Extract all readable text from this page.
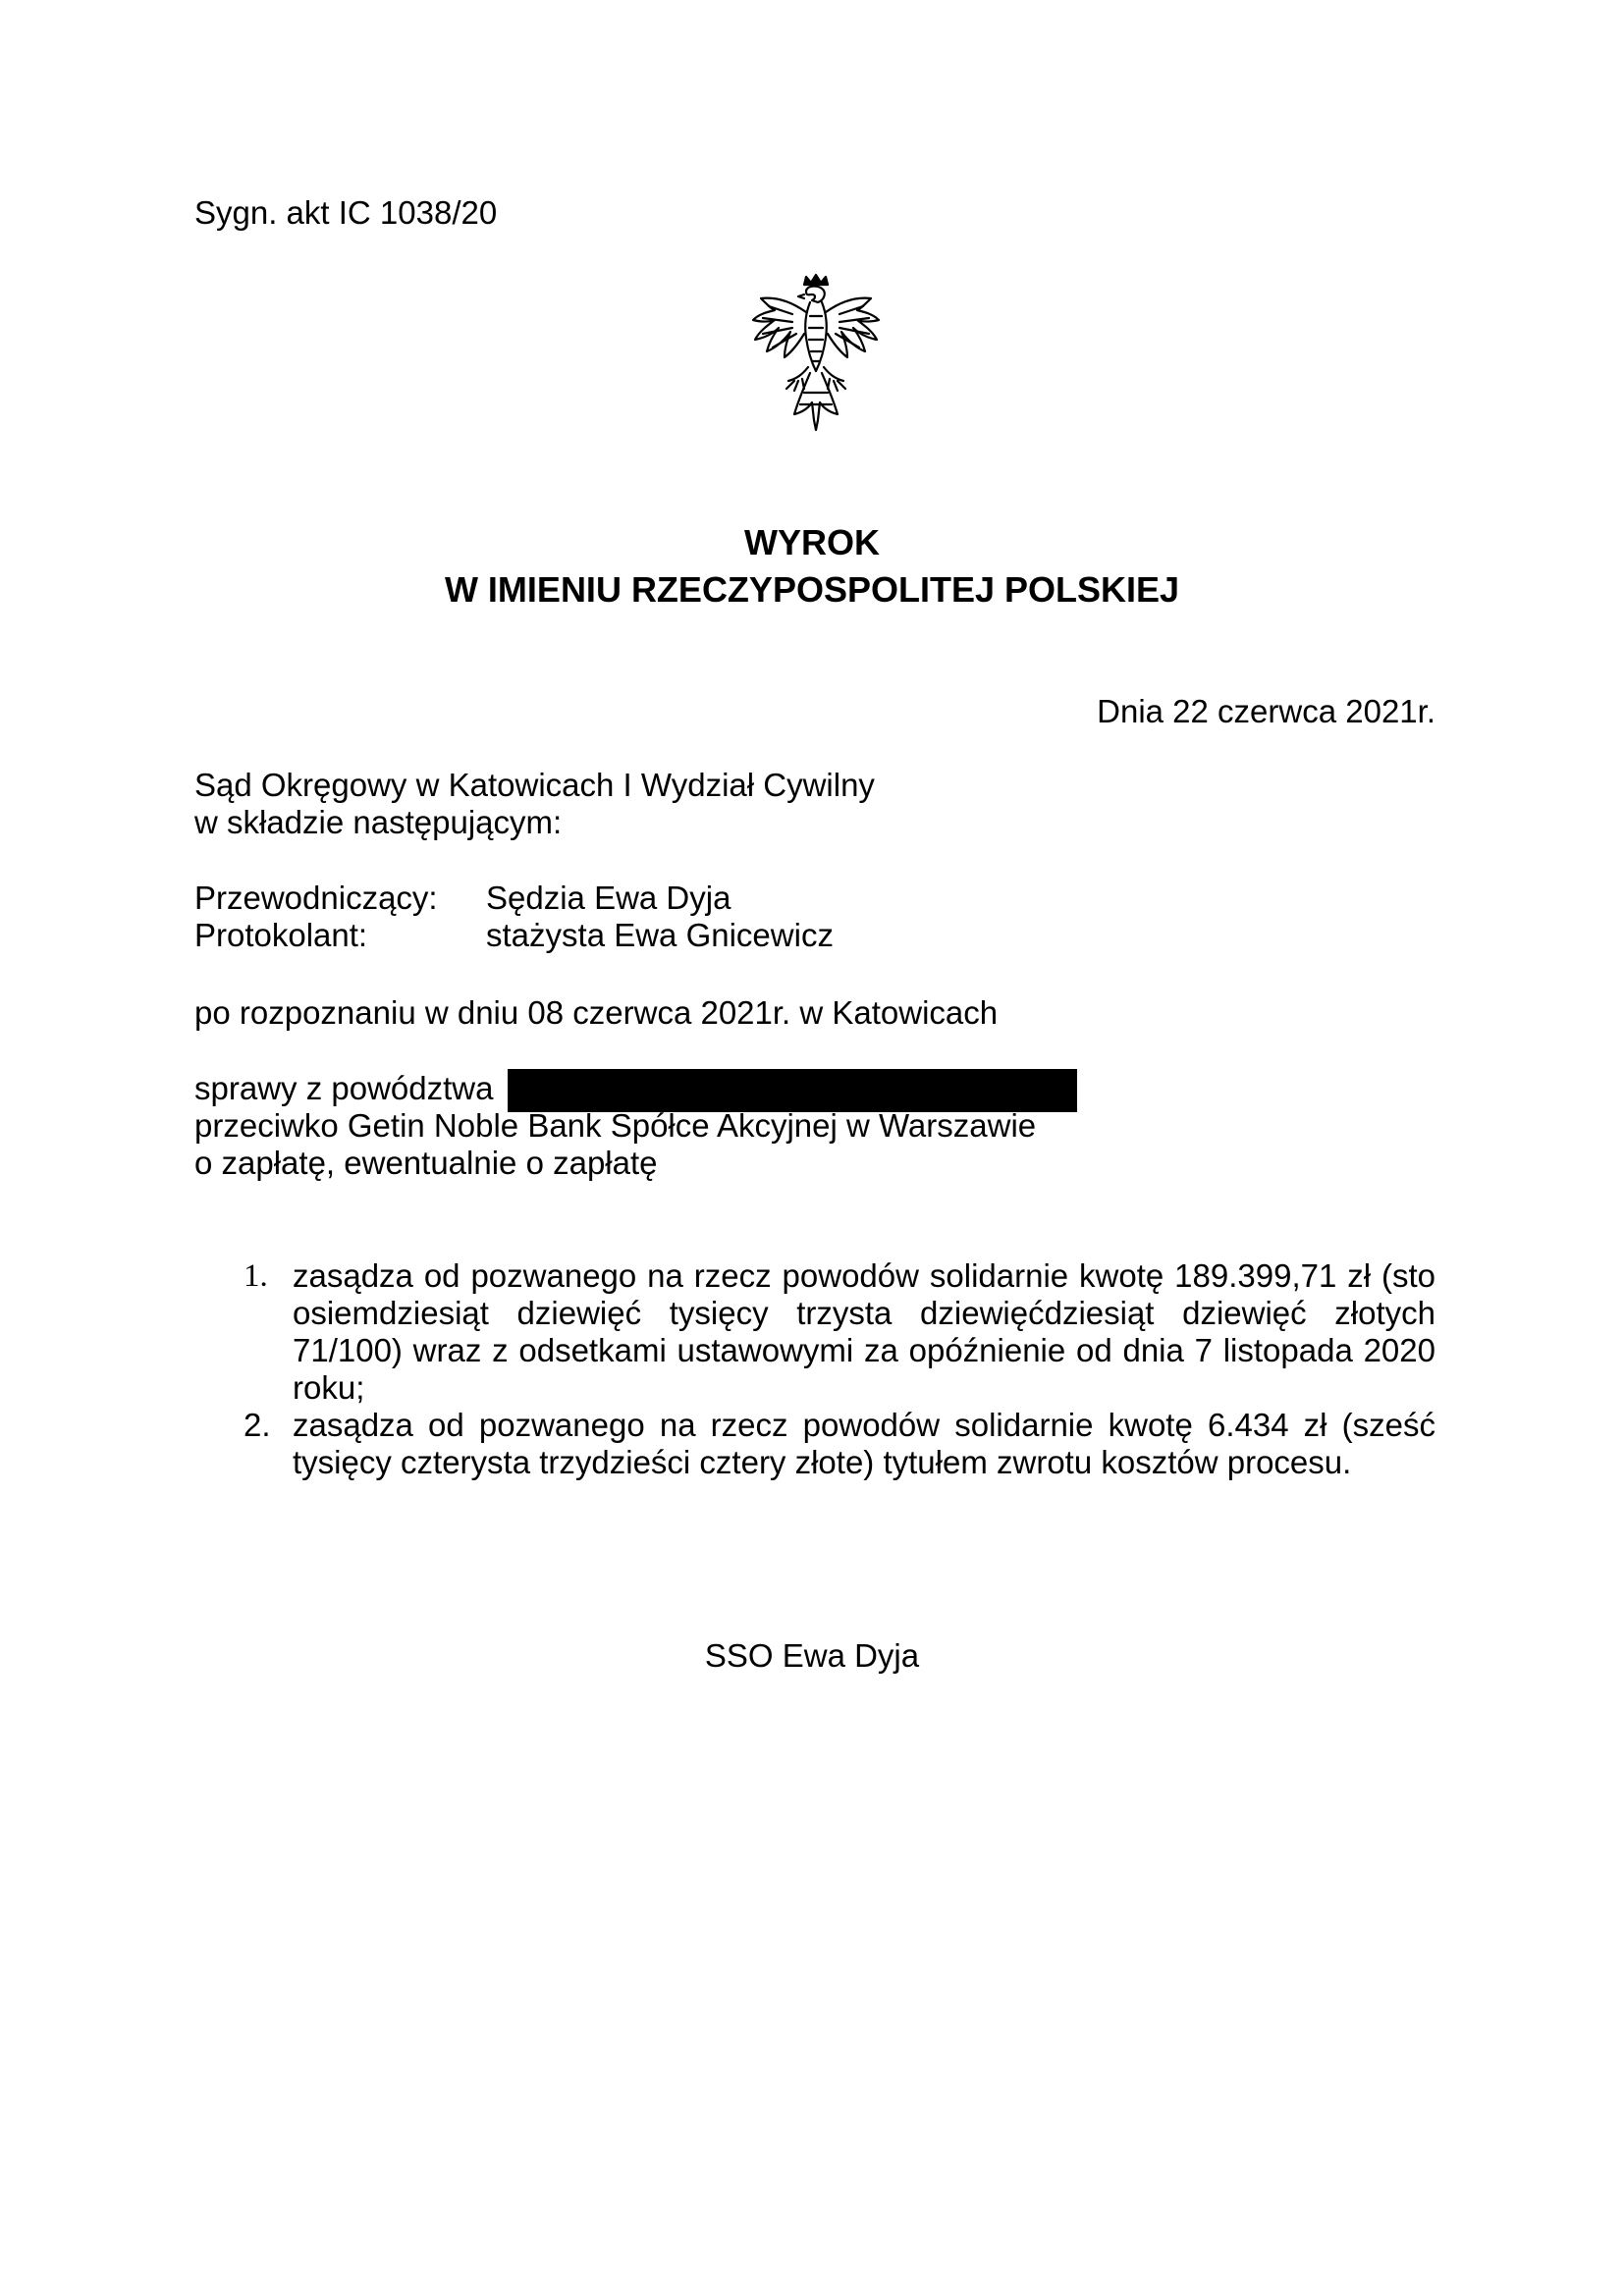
Sygn. akt IC 1038/20
WYROK
W IMIENIU RZECZYPOSPOLITEJ POLSKIEJ
Dnia 22 czerwca 2021r.
Sąd Okręgowy w Katowicach I Wydział Cywilny
w składzie następującym:
Przewodniczący: Sędzia Ewa Dyja
Protokolant:	stażysta Ewa Gnicewicz
po rozpoznaniu w dniu 08 czerwca 2021r. w Katowicach
sprawy z powództwa
przeciwko Getin Noble Bank Spółce Akcyjnej w Warszawie
o zapłatę, ewentualnie o zapłatę
1. zasądza od pozwanego na rzecz powodów solidarnie kwotę 189.399,71 zł (sto osiemdziesiąt dziewięć tysięcy trzysta dziewięćdziesiąt dziewięć złotych 71/100) wraz z odsetkami ustawowymi za opóźnienie od dnia 7 listopada 2020 roku;
2. zasądza od pozwanego na rzecz powodów solidarnie kwotę 6.434 zł (sześć tysięcy czterysta trzydzieści cztery złote) tytułem zwrotu kosztów procesu.
SSO Ewa Dyja
